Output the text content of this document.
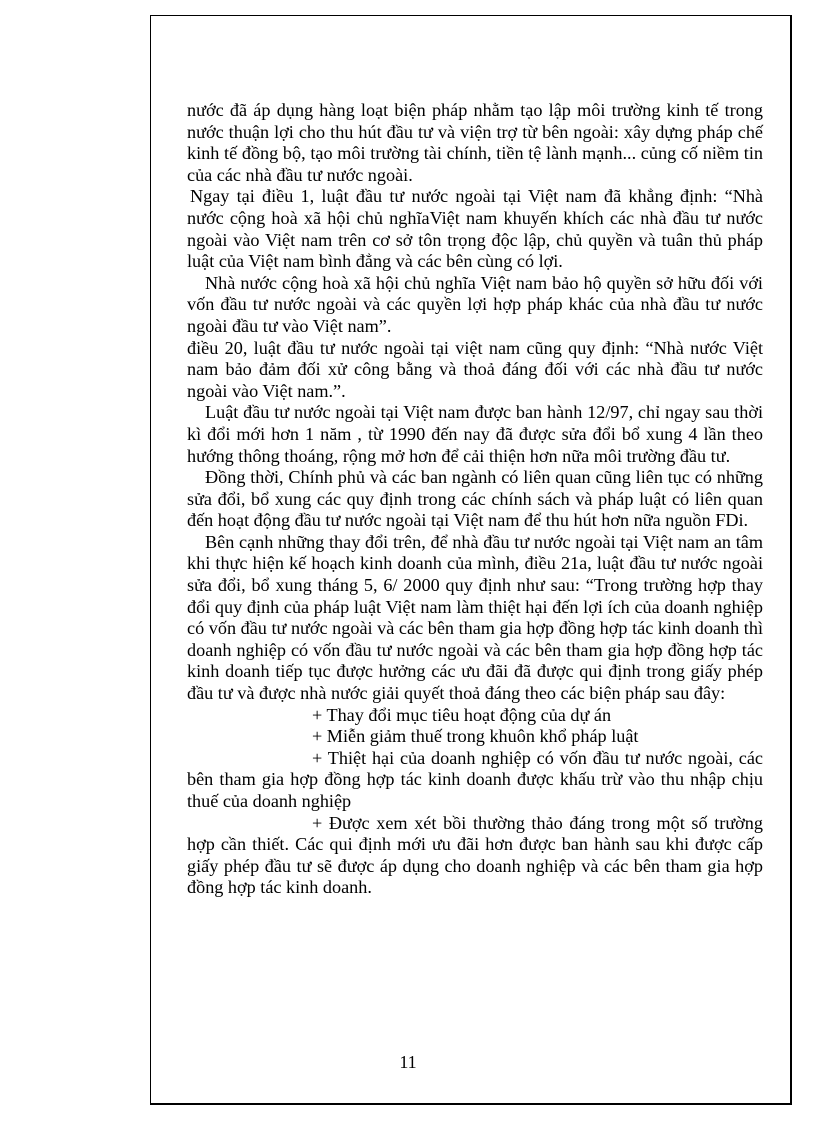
nước đã áp dụng hàng loạt biện pháp nhằm tạo lập môi trường kinh tế trong nước thuận lợi cho thu hút đầu tư và viện trợ từ bên ngoài: xây dựng pháp chế kinh tế đồng bộ, tạo môi trường tài chính, tiền tệ lành mạnh... củng cố niềm tin của các nhà đầu tư nước ngoài.

Ngay tại điều 1, luật đầu tư nước ngoài tại Việt nam đã khẳng định: “Nhà nước cộng hoà xã hội chủ nghĩaViệt nam khuyến khích các nhà đầu tư nước ngoài vào Việt nam trên cơ sở tôn trọng độc lập, chủ quyền và tuân thủ pháp luật của Việt nam bình đẳng và các bên cùng có lợi.

Nhà nước cộng hoà xã hội chủ nghĩa Việt nam bảo hộ quyền sở hữu đối với vốn đầu tư nước ngoài và các quyền lợi hợp pháp khác của nhà đầu tư nước ngoài đầu tư vào Việt nam”.

điều 20, luật đầu tư nước ngoài tại việt nam cũng quy định: “Nhà nước Việt nam bảo đảm đối xử công bằng và thoả đáng đối với các nhà đầu tư nước ngoài vào Việt nam.”.

Luật đầu tư nước ngoài tại Việt nam được ban hành 12/97, chỉ ngay sau thời kì đổi mới hơn 1 năm , từ 1990 đến nay đã được sửa đổi bổ xung 4 lần theo hướng thông thoáng, rộng mở hơn để cải thiện hơn nữa môi trường đầu tư.

Đồng thời, Chính phủ và các ban ngành có liên quan cũng liên tục có những sửa đổi, bổ xung các quy định trong các chính sách và pháp luật có liên quan đến hoạt động đầu tư nước ngoài tại Việt nam để thu hút hơn nữa nguồn FDi.

Bên cạnh những thay đổi trên, để nhà đầu tư nước ngoài tại Việt nam an tâm khi thực hiện kế hoạch kinh doanh của mình, điều 21a, luật đầu tư nước ngoài sửa đổi, bổ xung tháng 5, 6/ 2000 quy định như sau: “Trong trường hợp thay đổi quy định của pháp luật Việt nam làm thiệt hại đến lợi ích của doanh nghiệp có vốn đầu tư nước ngoài và các bên tham gia hợp đồng hợp tác kinh doanh thì doanh nghiệp có vốn đầu tư nước ngoài và các bên tham gia hợp đồng hợp tác kinh doanh tiếp tục được hưởng các ưu đãi đã được qui định trong giấy phép đầu tư và được nhà nước giải quyết thoả đáng theo các biện pháp sau đây:

+ Thay đổi mục tiêu hoạt động của dự án

+ Miễn giảm thuế trong khuôn khổ pháp luật

+ Thiệt hại của doanh nghiệp có vốn đầu tư nước ngoài, các bên tham gia hợp đồng hợp tác kinh doanh được khấu trừ vào thu nhập chịu thuế của doanh nghiệp

+ Được xem xét bồi thường thảo đáng trong một số trường hợp cần thiết. Các qui định mới ưu đãi hơn được ban hành sau khi được cấp giấy phép đầu tư sẽ được áp dụng cho doanh nghiệp và các bên tham gia hợp đồng hợp tác kinh doanh.

11
